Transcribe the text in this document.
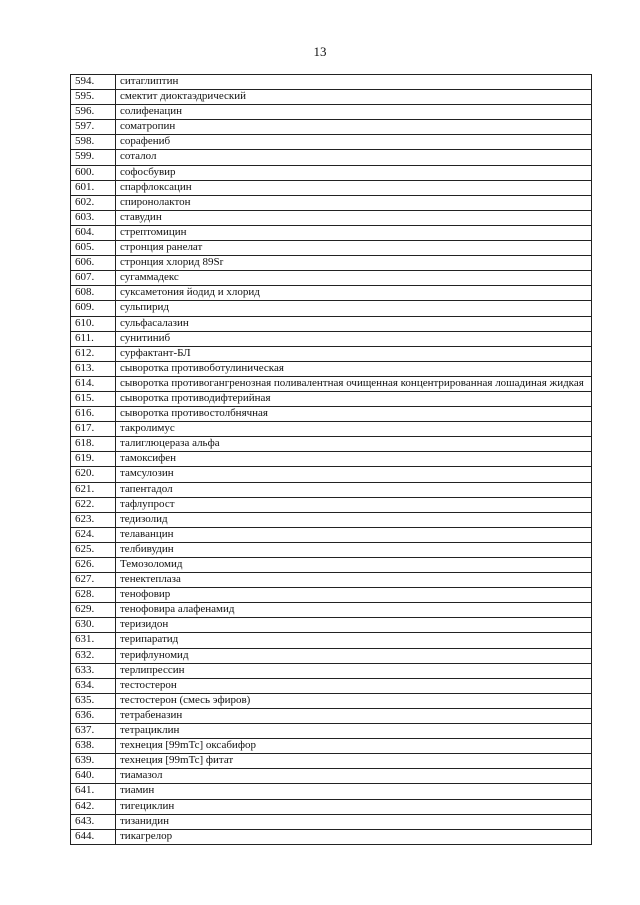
13
594.	ситаглиптин
595.	смектит диоктаэдрический
596.	солифенацин
597.	соматропин
598.	сорафениб
599.	соталол
600.	софосбувир
601.	спарфлоксацин
602.	спиронолактон
603.	ставудин
604.	стрептомицин
605.	стронция ранелат
606.	стронция хлорид 89Sr
607.	сугаммадекс
608.	суксаметония йодид и хлорид
609.	сульпирид
610.	сульфасалазин
611.	сунитиниб
612.	сурфактант-БЛ
613.	сыворотка противоботулиническая
614.	сыворотка противогангренозная поливалентная очищенная концентрированная лошадиная жидкая
615.	сыворотка противодифтерийная
616.	сыворотка противостолбнячная
617.	такролимус
618.	талиглюцераза альфа
619.	тамоксифен
620.	тамсулозин
621.	тапентадол
622.	тафлупрост
623.	тедизолид
624.	телаванцин
625.	телбивудин
626.	Темозоломид
627.	тенектеплаза
628.	тенофовир
629.	тенофовира алафенамид
630.	теризидон
631.	терипаратид
632.	терифлуномид
633.	терлипрессин
634.	тестостерон
635.	тестостерон (смесь эфиров)
636.	тетрабеназин
637.	тетрациклин
638.	технеция [99mTc] оксабифор
639.	технеция [99mTc] фитат
640.	тиамазол
641.	тиамин
642.	тигециклин
643.	тизанидин
644.	тикагрелор
